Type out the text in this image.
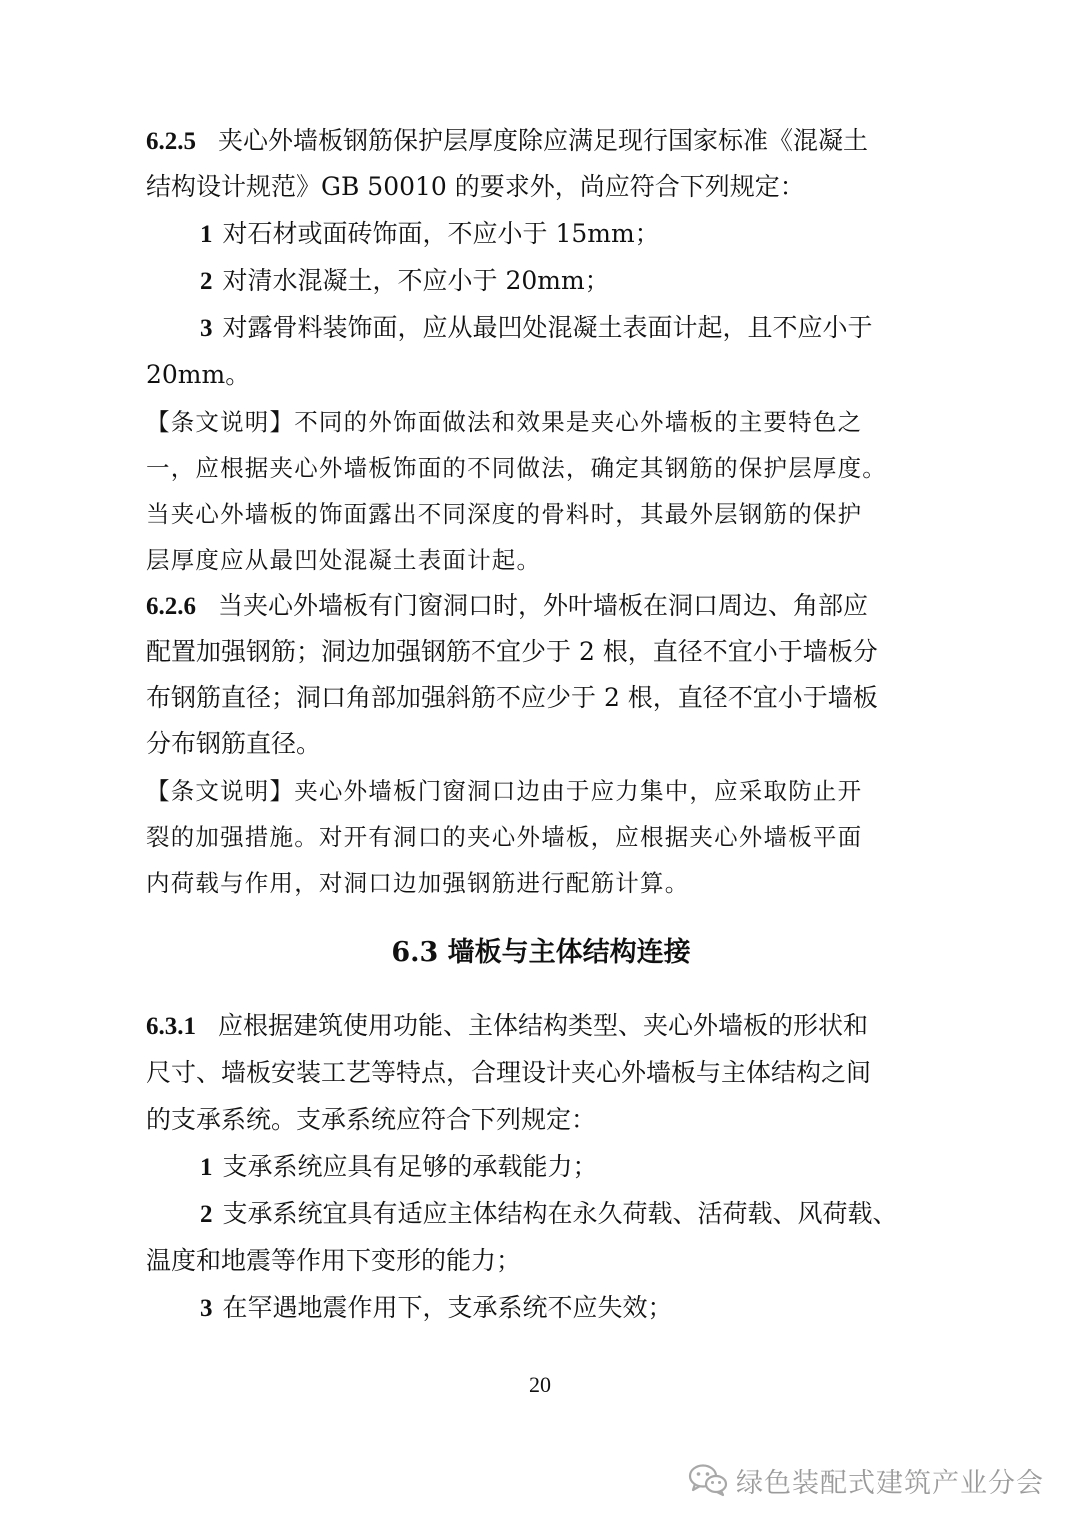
6.2.5 夹心外墙板钢筋保护层厚度除应满足现行国家标准《混凝土
结构设计规范》GB 50010 的要求外，尚应符合下列规定：
1 对石材或面砖饰面，不应小于 15mm；
2 对清水混凝土，不应小于 20mm；
3 对露骨料装饰面，应从最凹处混凝土表面计起，且不应小于
20mm。
【条文说明】不同的外饰面做法和效果是夹心外墙板的主要特色之
一，应根据夹心外墙板饰面的不同做法，确定其钢筋的保护层厚度。
当夹心外墙板的饰面露出不同深度的骨料时，其最外层钢筋的保护
层厚度应从最凹处混凝土表面计起。
6.2.6 当夹心外墙板有门窗洞口时，外叶墙板在洞口周边、角部应
配置加强钢筋；洞边加强钢筋不宜少于 2 根，直径不宜小于墙板分
布钢筋直径；洞口角部加强斜筋不应少于 2 根，直径不宜小于墙板
分布钢筋直径。
【条文说明】夹心外墙板门窗洞口边由于应力集中，应采取防止开
裂的加强措施。对开有洞口的夹心外墙板，应根据夹心外墙板平面
内荷载与作用，对洞口边加强钢筋进行配筋计算。
6.3 墙板与主体结构连接
6.3.1 应根据建筑使用功能、主体结构类型、夹心外墙板的形状和
尺寸、墙板安装工艺等特点，合理设计夹心外墙板与主体结构之间
的支承系统。支承系统应符合下列规定：
1 支承系统应具有足够的承载能力；
2 支承系统宜具有适应主体结构在永久荷载、活荷载、风荷载、
温度和地震等作用下变形的能力；
3 在罕遇地震作用下，支承系统不应失效；
20
绿色装配式建筑产业分会
